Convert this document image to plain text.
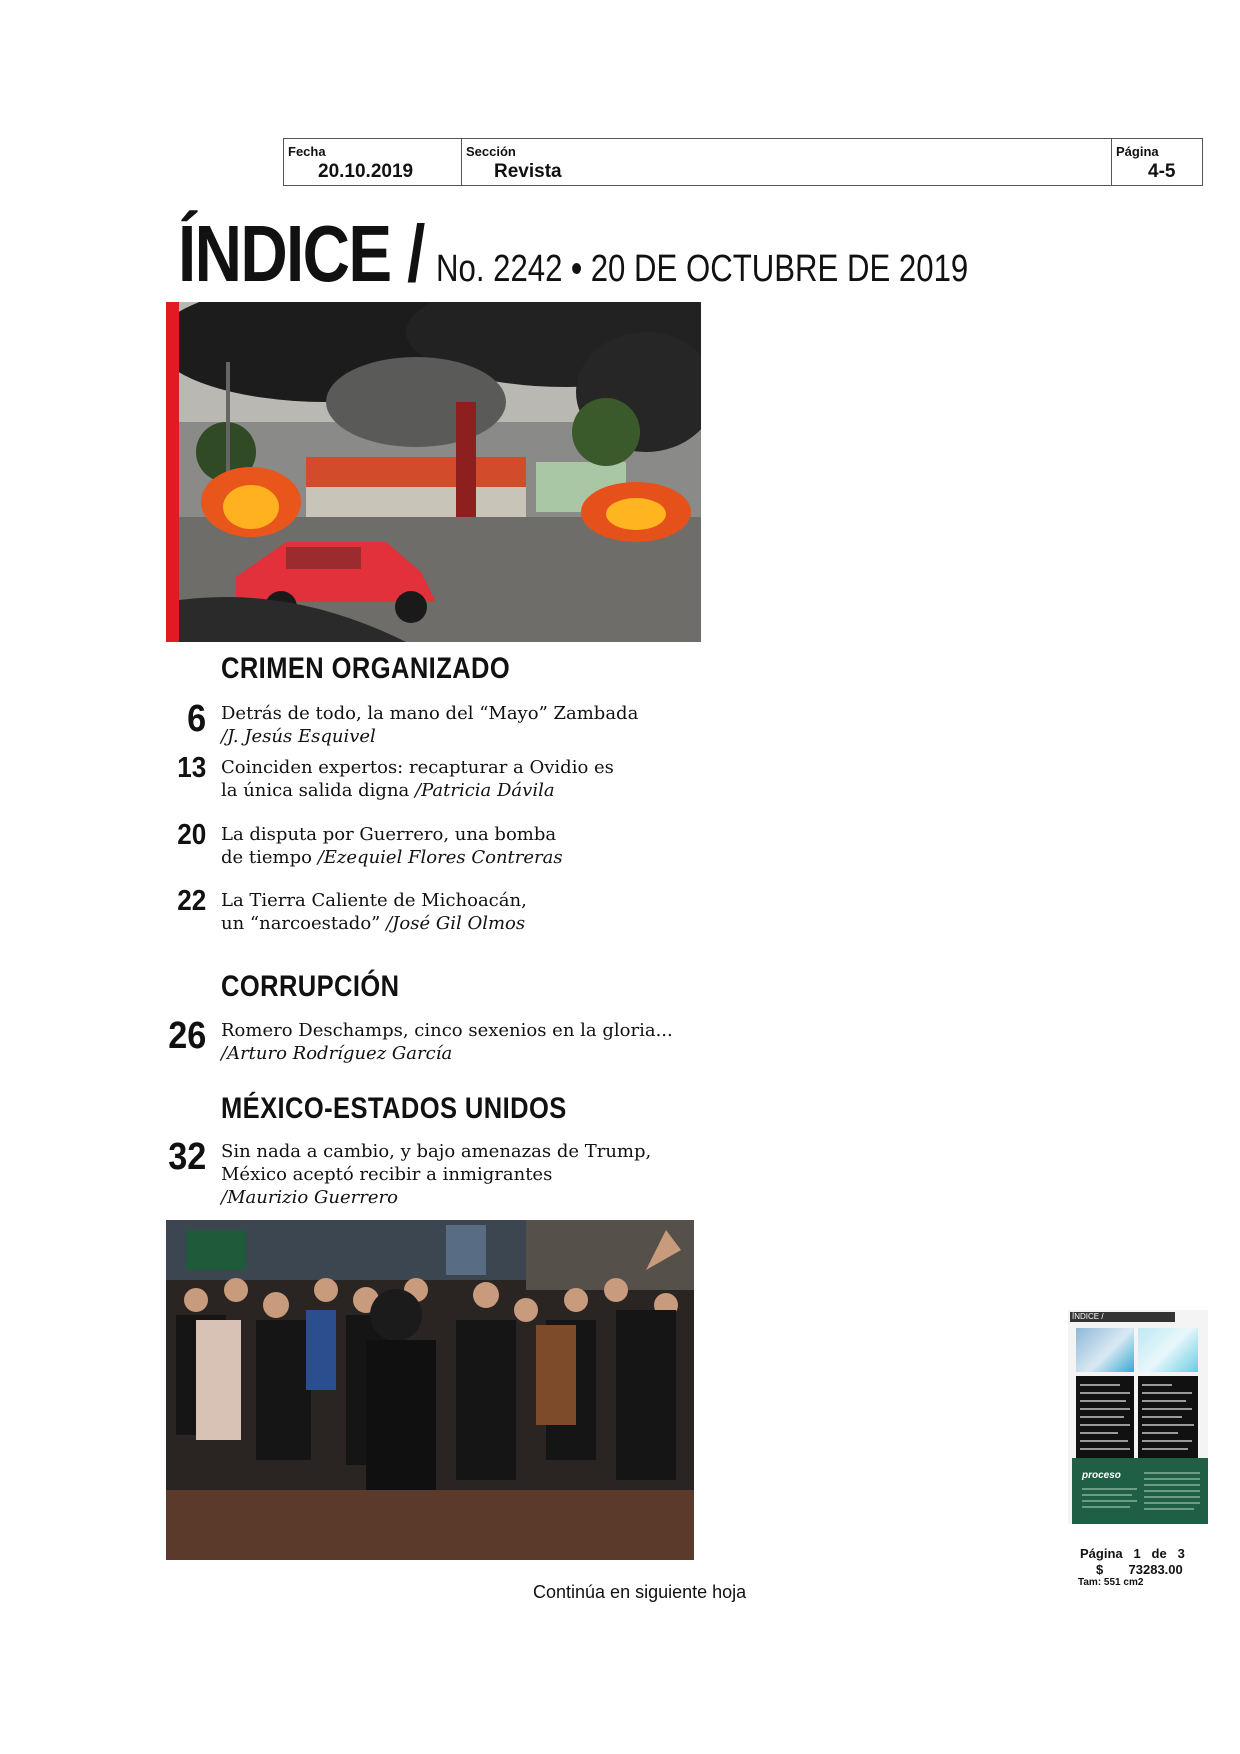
Fecha
20.10.2019
Sección
Revista
Página
4-5
ÍNDICE / No. 2242 • 20 DE OCTUBRE DE 2019
CRIMEN ORGANIZADO
6 Detrás de todo, la mano del “Mayo” Zambada
/J. Jesús Esquivel
13 Coinciden expertos: recapturar a Ovidio es la única salida digna /Patricia Dávila
20 La disputa por Guerrero, una bomba de tiempo /Ezequiel Flores Contreras
22 La Tierra Caliente de Michoacán, un “narcoestado” /José Gil Olmos
CORRUPCIÓN
26 Romero Deschamps, cinco sexenios en la gloria...
/Arturo Rodríguez García
MÉXICO-ESTADOS UNIDOS
32 Sin nada a cambio, y bajo amenazas de Trump, México aceptó recibir a inmigrantes
/Maurizio Guerrero
Continúa en siguiente hoja
ÍNDICE /
proceso
Página 1 de 3
$ 73283.00
Tam: 551 cm2
